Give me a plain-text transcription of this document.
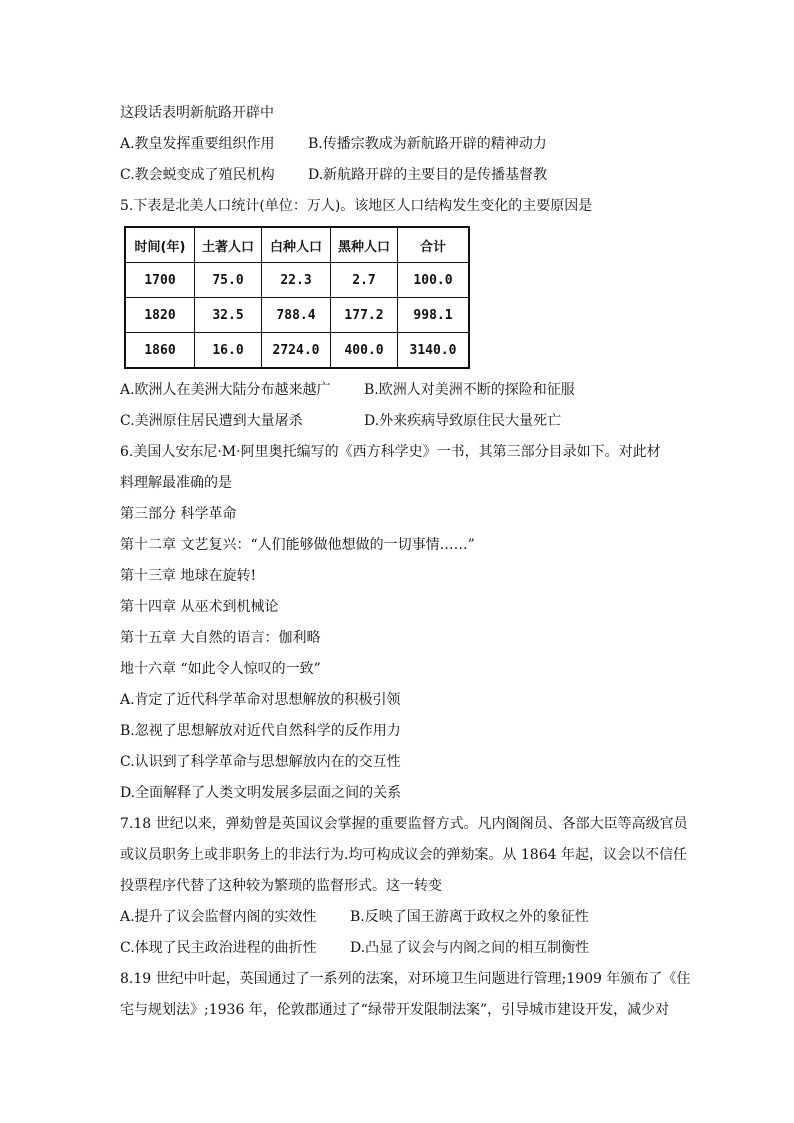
这段话表明新航路开辟中
A.教皇发挥重要组织作用	B.传播宗教成为新航路开辟的精神动力
C.教会蜕变成了殖民机构	D.新航路开辟的主要目的是传播基督教
5.下表是北美人口统计(单位：万人)。该地区人口结构发生变化的主要原因是
时间(年)	土著人口	白种人口	黑种人口	合计
1700	75.0	22.3	2.7	100.0
1820	32.5	788.4	177.2	998.1
1860	16.0	2724.0	400.0	3140.0
A.欧洲人在美洲大陆分布越来越广	B.欧洲人对美洲不断的探险和征服
C.美洲原住居民遭到大量屠杀	D.外来疾病导致原住民大量死亡
6.美国人安东尼·M·阿里奥托编写的《西方科学史》一书，其第三部分目录如下。对此材
料理解最准确的是
第三部分 科学革命
第十二章 文艺复兴：“人们能够做他想做的一切事情……”
第十三章 地球在旋转!
第十四章 从巫术到机械论
第十五章 大自然的语言：伽利略
地十六章 “如此令人惊叹的一致”
A.肯定了近代科学革命对思想解放的积极引领
B.忽视了思想解放对近代自然科学的反作用力
C.认识到了科学革命与思想解放内在的交互性
D.全面解释了人类文明发展多层面之间的关系
7.18 世纪以来，弹劾曾是英国议会掌握的重要监督方式。凡内阁阁员、各部大臣等高级官员
或议员职务上或非职务上的非法行为.均可构成议会的弹劾案。从 1864 年起，议会以不信任
投票程序代替了这种较为繁琐的监督形式。这一转变
A.提升了议会监督内阁的实效性	B.反映了国王游离于政权之外的象征性
C.体现了民主政治进程的曲折性	D.凸显了议会与内阁之间的相互制衡性
8.19 世纪中叶起，英国通过了一系列的法案，对环境卫生问题进行管理;1909 年颁布了《住
宅与规划法》;1936 年，伦敦郡通过了“绿带开发限制法案”，引导城市建设开发，减少对
